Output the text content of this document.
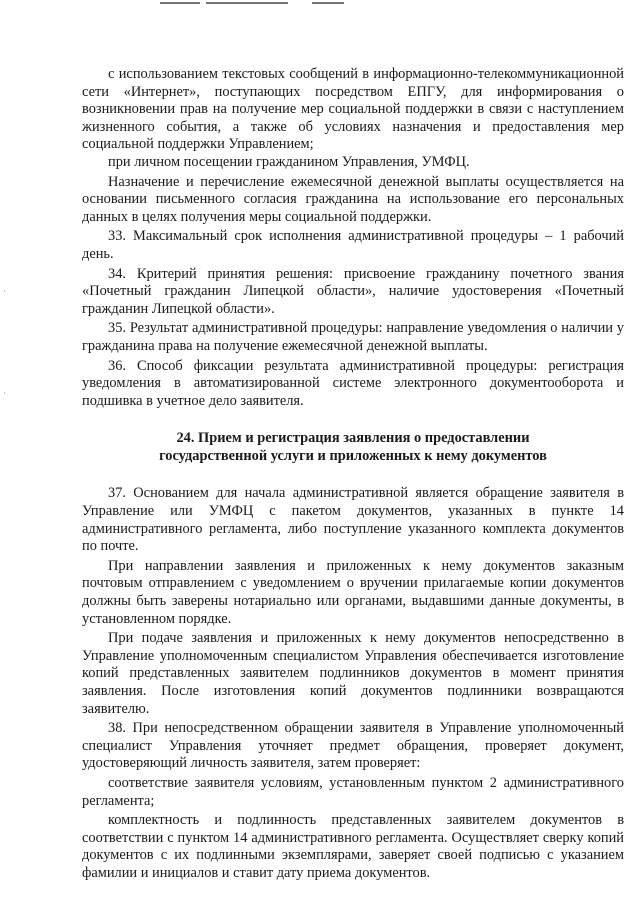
·
·

с использованием текстовых сообщений в информационно-телекоммуникационной сети «Интернет», поступающих посредством ЕПГУ, для информирования о возникновении прав на получение мер социальной поддержки в связи с наступлением жизненного события, а также об условиях назначения и предоставления мер социальной поддержки Управлением;

при личном посещении гражданином Управления, УМФЦ.

Назначение и перечисление ежемесячной денежной выплаты осуществляется на основании письменного согласия гражданина на использование его персональных данных в целях получения меры социальной поддержки.

33. Максимальный срок исполнения административной процедуры – 1 рабочий день.

34. Критерий принятия решения: присвоение гражданину почетного звания «Почетный гражданин Липецкой области», наличие удостоверения «Почетный гражданин Липецкой области».

35. Результат административной процедуры: направление уведомления о наличии у гражданина права на получение ежемесячной денежной выплаты.

36. Способ фиксации результата административной процедуры: регистрация уведомления в автоматизированной системе электронного документооборота и подшивка в учетное дело заявителя.

24. Прием и регистрация заявления о предоставлении
государственной услуги и приложенных к нему документов

37. Основанием для начала административной является обращение заявителя в Управление или УМФЦ с пакетом документов, указанных в пункте 14 административного регламента, либо поступление указанного комплекта документов по почте.

При направлении заявления и приложенных к нему документов заказным почтовым отправлением с уведомлением о вручении прилагаемые копии документов должны быть заверены нотариально или органами, выдавшими данные документы, в установленном порядке.

При подаче заявления и приложенных к нему документов непосредственно в Управление уполномоченным специалистом Управления обеспечивается изготовление копий представленных заявителем подлинников документов в момент принятия заявления. После изготовления копий документов подлинники возвращаются заявителю.

38. При непосредственном обращении заявителя в Управление уполномоченный специалист Управления уточняет предмет обращения, проверяет документ, удостоверяющий личность заявителя, затем проверяет:

соответствие заявителя условиям, установленным пунктом 2 административного регламента;

комплектность и подлинность представленных заявителем документов в соответствии с пунктом 14 административного регламента. Осуществляет сверку копий документов с их подлинными экземплярами, заверяет своей подписью с указанием фамилии и инициалов и ставит дату приема документов.
